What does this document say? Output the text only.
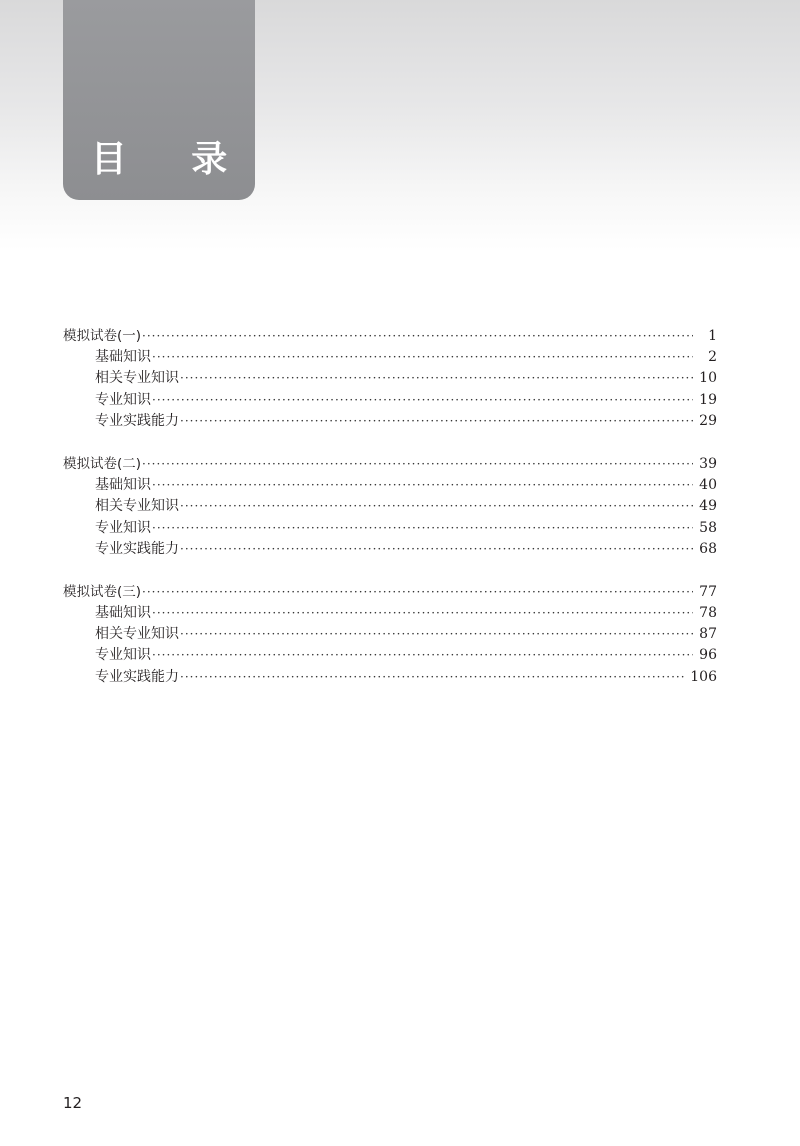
目 录
模拟试卷(一) ·····	1
基础知识 ·····	2
相关专业知识 ·····	10
专业知识 ·····	19
专业实践能力 ·····	29
模拟试卷(二) ·····	39
基础知识 ·····	40
相关专业知识 ·····	49
专业知识 ·····	58
专业实践能力 ·····	68
模拟试卷(三) ·····	77
基础知识 ·····	78
相关专业知识 ·····	87
专业知识 ·····	96
专业实践能力 ·····	106
12
